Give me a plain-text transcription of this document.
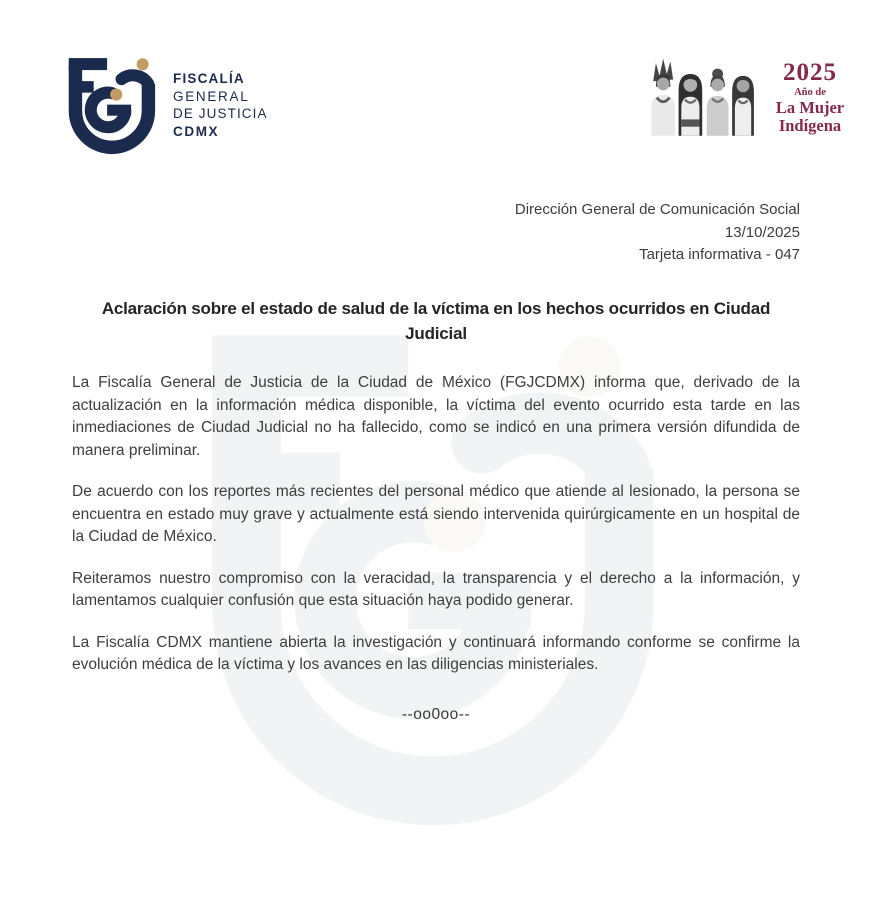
FISCALÍA
GENERAL
DE JUSTICIA
CDMX
2025
Año de
La Mujer
Indígena
Dirección General de Comunicación Social
13/10/2025
Tarjeta informativa - 047
Aclaración sobre el estado de salud de la víctima en los hechos ocurridos en Ciudad Judicial

La Fiscalía General de Justicia de la Ciudad de México (FGJCDMX) informa que, derivado de la actualización en la información médica disponible, la víctima del evento ocurrido esta tarde en las inmediaciones de Ciudad Judicial no ha fallecido, como se indicó en una primera versión difundida de manera preliminar.

De acuerdo con los reportes más recientes del personal médico que atiende al lesionado, la persona se encuentra en estado muy grave y actualmente está siendo intervenida quirúrgicamente en un hospital de la Ciudad de México.

Reiteramos nuestro compromiso con la veracidad, la transparencia y el derecho a la información, y lamentamos cualquier confusión que esta situación haya podido generar.

La Fiscalía CDMX mantiene abierta la investigación y continuará informando conforme se confirme la evolución médica de la víctima y los avances en las diligencias ministeriales.

--oo0oo--
